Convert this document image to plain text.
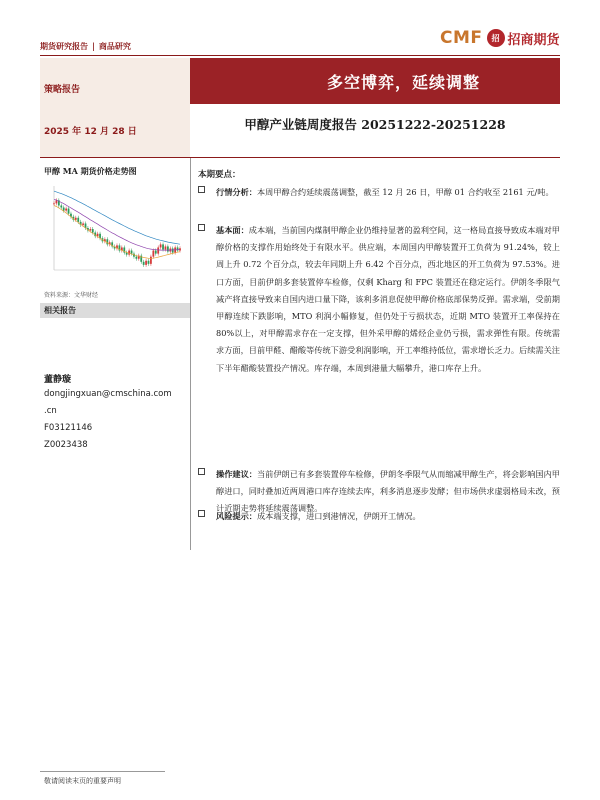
期货研究报告 | 商品研究	CMF	招 招商期货
策略报告
2025 年 12 月 28 日
多空博弈，延续调整
甲醇产业链周度报告 20251222-20251228
甲醇 MA 期货价格走势图
资料来源：文华财经
相关报告
董静璇
dongjingxuan@cmschina.com
.cn
F03121146
Z0023438
本期要点：

行情分析：本周甲醇合约延续震荡调整，截至 12 月 26 日，甲醇 01 合约收至 2161 元/吨。

基本面：成本端，当前国内煤制甲醇企业仍维持显著的盈利空间，这一格局直接导致成本端对甲醇价格的支撑作用始终处于有限水平。供应端，本周国内甲醇装置开工负荷为 91.24%，较上周上升 0.72 个百分点，较去年同期上升 6.42 个百分点，西北地区的开工负荷为 97.53%。进口方面，目前伊朗多套装置停车检修，仅剩 Kharg 和 FPC 装置还在稳定运行。伊朗冬季限气减产将直接导致来自国内进口量下降，该利多消息促使甲醇价格底部保势反弹。需求端，受前期甲醇连续下跌影响，MTO 利润小幅修复，但仍处于亏损状态，近期 MTO 装置开工率保持在 80%以上，对甲醇需求存在一定支撑，但外采甲醇的烯烃企业仍亏损，需求弹性有限。传统需求方面，目前甲醛、醋酸等传统下游受利润影响，开工率维持低位，需求增长乏力。后续需关注下半年醋酸装置投产情况。库存端，本周到港量大幅攀升，港口库存上升。

操作建议：当前伊朗已有多套装置停车检修，伊朗冬季限气从而缩减甲醇生产，将会影响国内甲醇进口，同时叠加近两周港口库存连续去库，利多消息逐步发酵；但市场供求虚弱格局未改，预计近期走势将延续震荡调整。

风险提示：成本端支撑，进口到港情况，伊朗开工情况。

敬请阅读末页的重要声明
